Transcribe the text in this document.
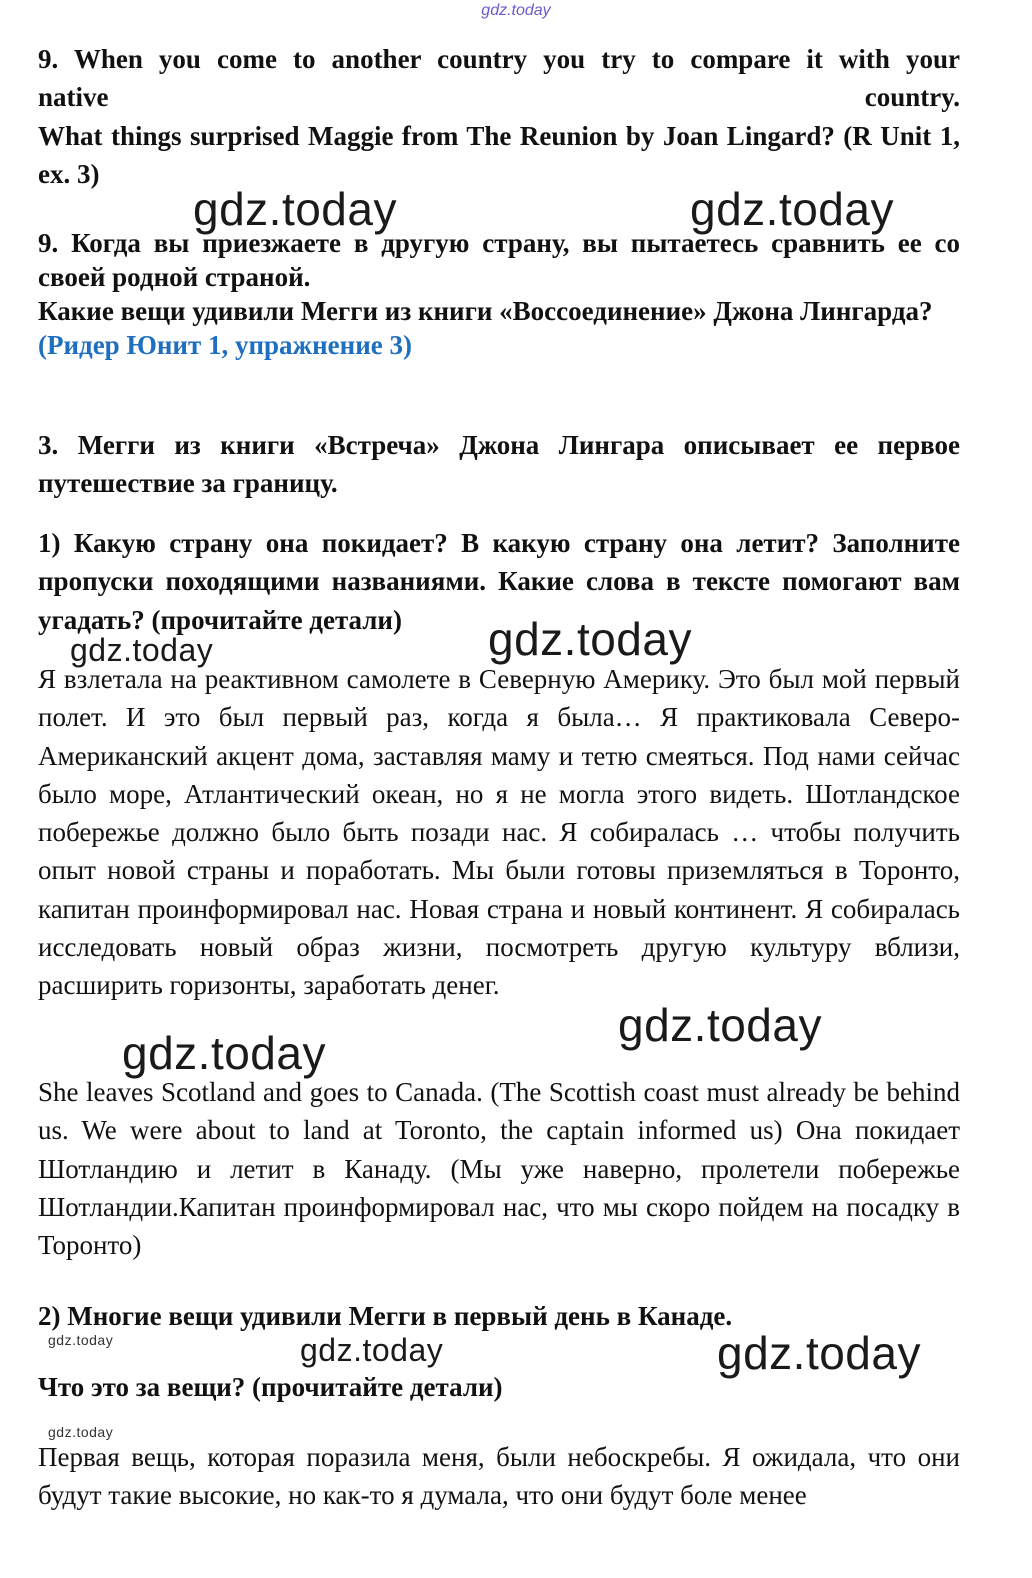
gdz.today

9. When you come to another country you try to compare it with your

native	country.

What things surprised Maggie from The Reunion by Joan Lingard? (R Unit 1, ex. 3)

9. Когда вы приезжаете в другую страну, вы пытаетесь сравнить ее со своей родной страной.

Какие вещи удивили Мегги из книги «Воссоединение» Джона Лингарда?

(Ридер Юнит 1, упражнение 3)

3. Мегги из книги «Встреча» Джона Лингара описывает ее первое путешествие за границу.

1) Какую страну она покидает? В какую страну она летит? Заполните пропуски походящими названиями. Какие слова в тексте помогают вам угадать? (прочитайте детали)

Я взлетала на реактивном самолете в Северную Америку. Это был мой первый полет. И это был первый раз, когда я была… Я практиковала Северо-Американский акцент дома, заставляя маму и тетю смеяться. Под нами сейчас было море, Атлантический океан, но я не могла этого видеть. Шотландское побережье должно было быть позади нас. Я собиралась … чтобы получить опыт новой страны и поработать. Мы были готовы приземляться в Торонто, капитан проинформировал нас. Новая страна и новый континент. Я собиралась исследовать новый образ жизни, посмотреть другую культуру вблизи, расширить горизонты, заработать денег.

She leaves Scotland and goes to Canada. (The Scottish coast must already be behind us. We were about to land at Toronto, the captain informed us) Она покидает Шотландию и летит в Канаду. (Мы уже наверно, пролетели побережье Шотландии.Капитан проинформировал нас, что мы скоро пойдем на посадку в Торонто)

2) Многие вещи удивили Мегги в первый день в Канаде.

Что это за вещи? (прочитайте детали)

Первая вещь, которая поразила меня, были небоскребы. Я ожидала, что они будут такие высокие, но как-то я думала, что они будут боле менее

gdz.today	gdz.today
gdz.today
gdz.today
gdz.today
gdz.today
gdz.today	gdz.today	gdz.today
gdz.today
